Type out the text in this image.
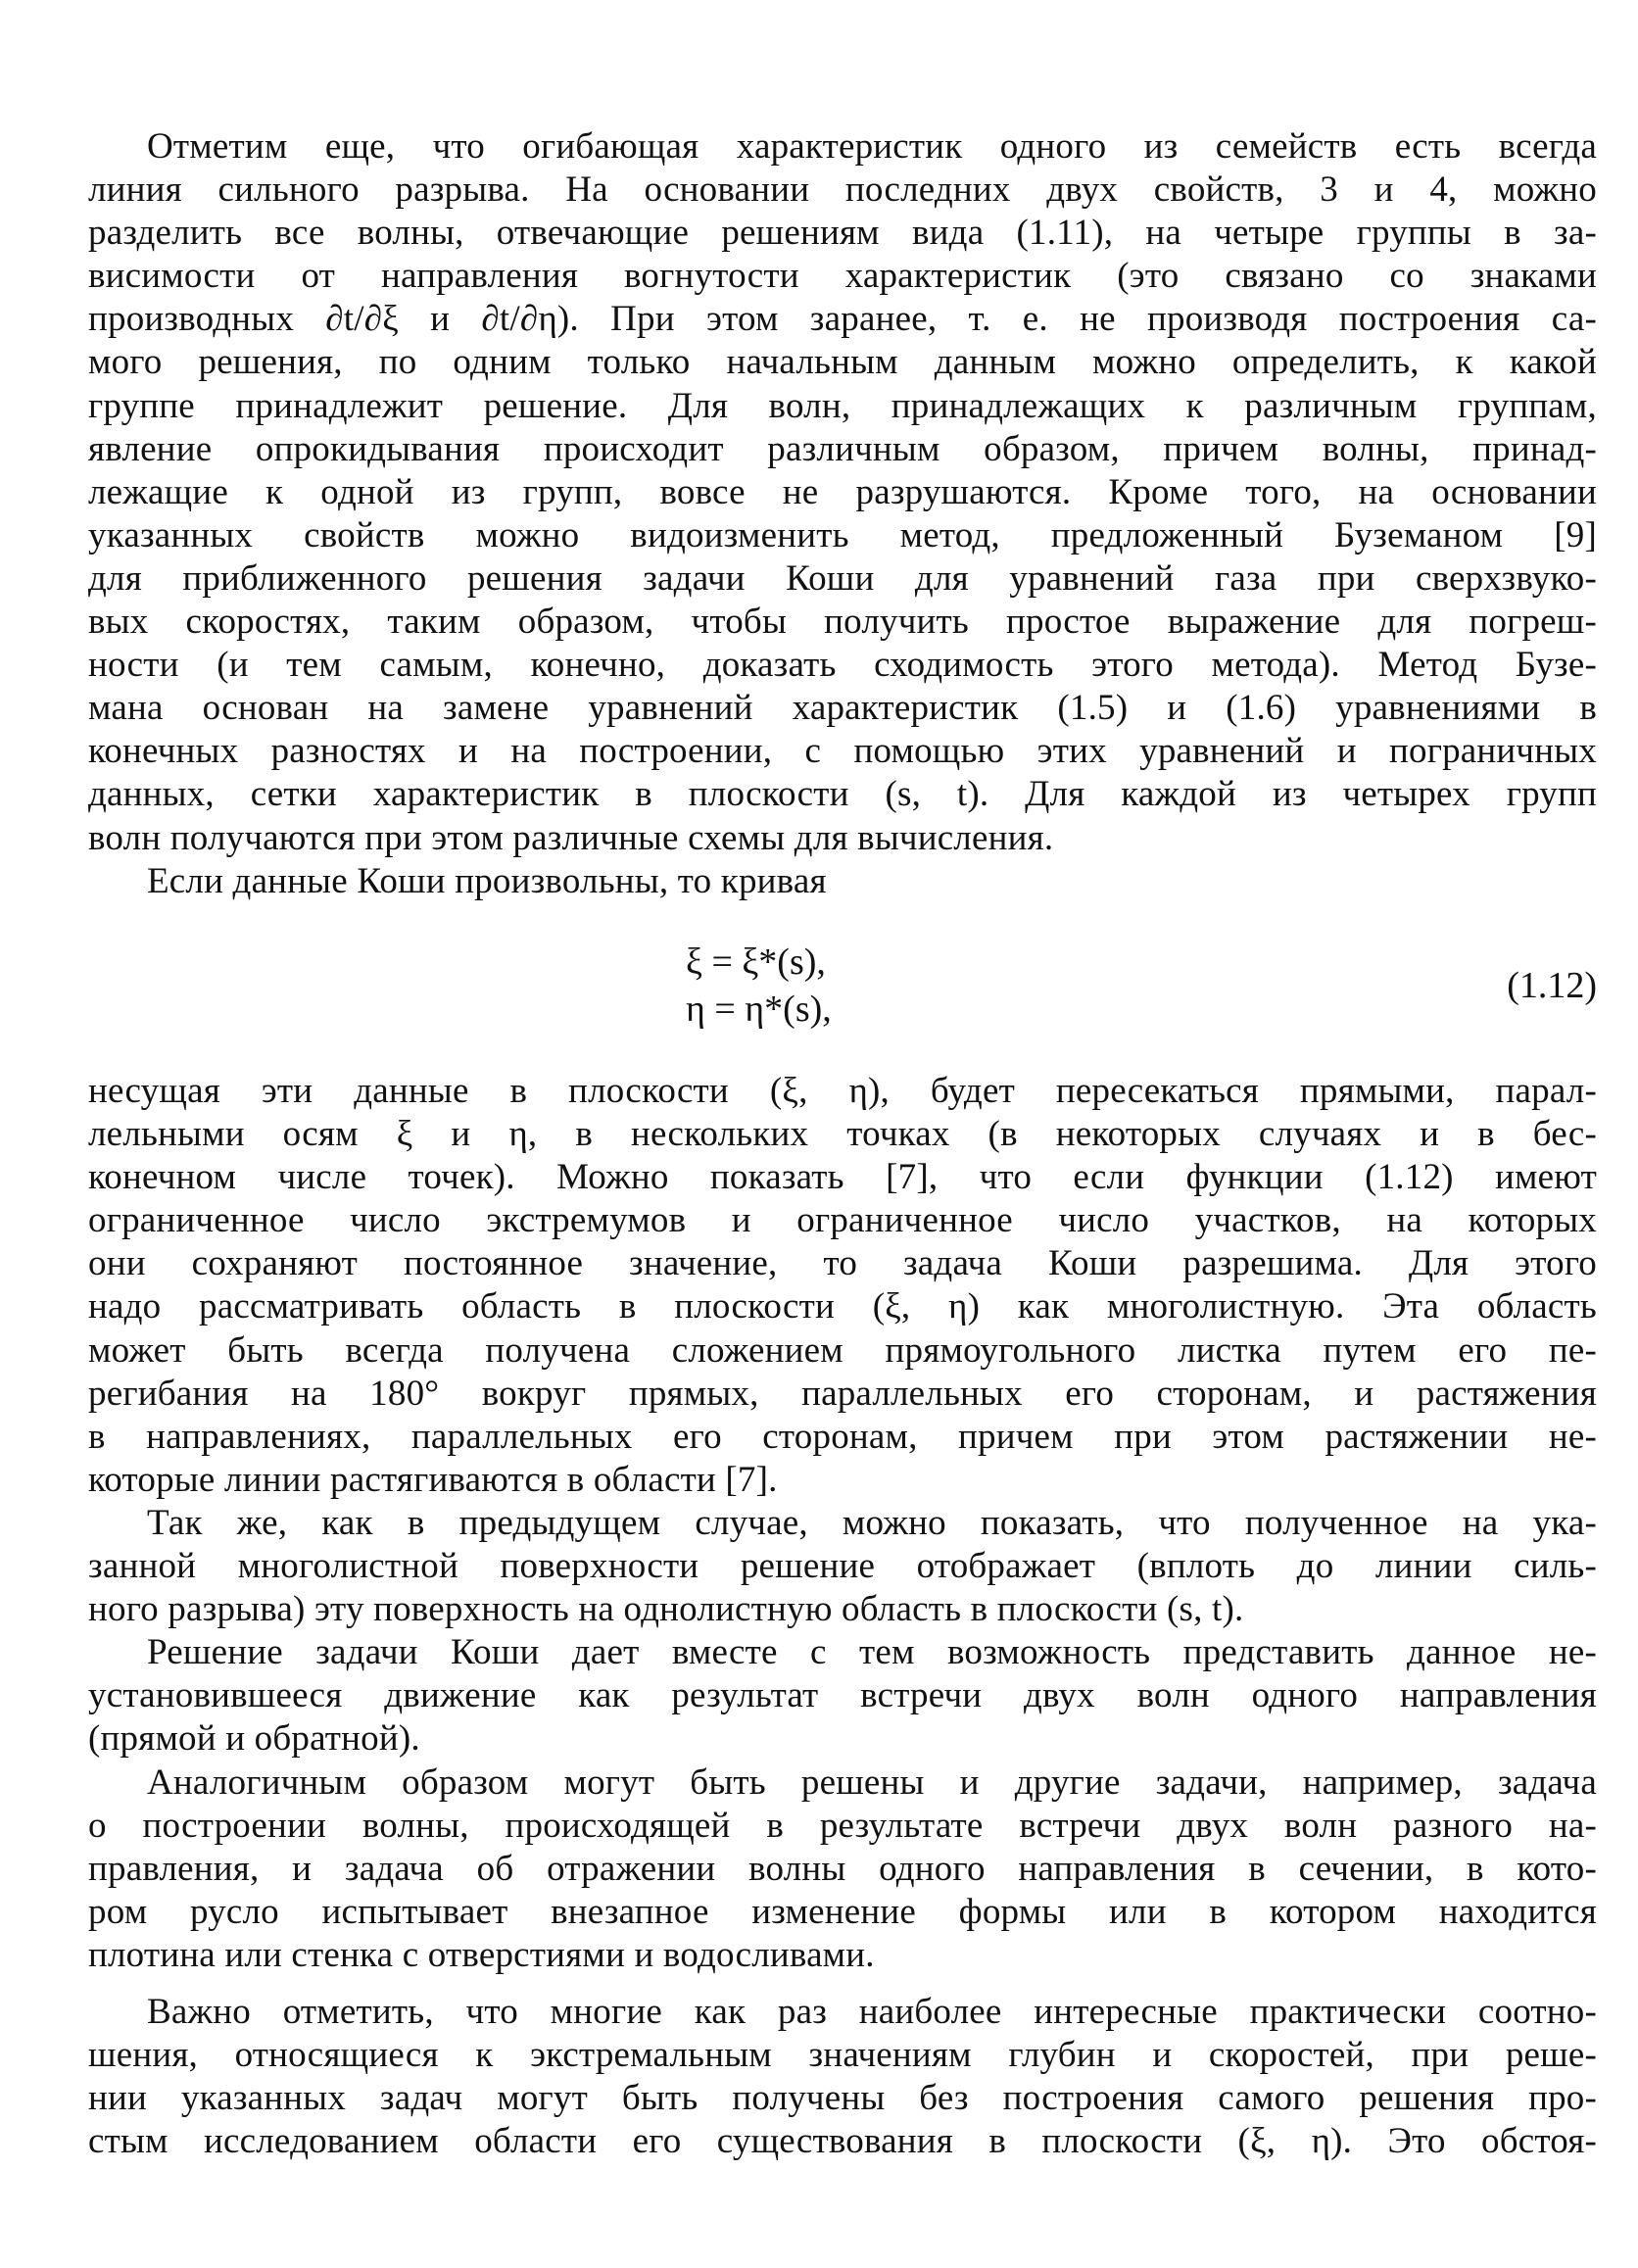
Отметим еще, что огибающая характеристик одного из семейств есть всегда
линия сильного разрыва. На основании последних двух свойств, 3 и 4, можно
разделить все волны, отвечающие решениям вида (1.11), на четыре группы в за-
висимости от направления вогнутости характеристик (это связано со знаками
производных ∂t/∂ξ и ∂t/∂η). При этом заранее, т. е. не производя построения са-
мого решения, по одним только начальным данным можно определить, к какой
группе принадлежит решение. Для волн, принадлежащих к различным группам,
явление опрокидывания происходит различным образом, причем волны, принад-
лежащие к одной из групп, вовсе не разрушаются. Кроме того, на основании
указанных свойств можно видоизменить метод, предложенный Буземаном [9]
для приближенного решения задачи Коши для уравнений газа при сверхзвуко-
вых скоростях, таким образом, чтобы получить простое выражение для погреш-
ности (и тем самым, конечно, доказать сходимость этого метода). Метод Бузе-
мана основан на замене уравнений характеристик (1.5) и (1.6) уравнениями в
конечных разностях и на построении, с помощью этих уравнений и пограничных
данных, сетки характеристик в плоскости (s, t). Для каждой из четырех групп
волн получаются при этом различные схемы для вычисления.
Если данные Коши произвольны, то кривая
ξ = ξ*(s),
η = η*(s),
(1.12)
несущая эти данные в плоскости (ξ, η), будет пересекаться прямыми, парал-
лельными осям ξ и η, в нескольких точках (в некоторых случаях и в бес-
конечном числе точек). Можно показать [7], что если функции (1.12) имеют
ограниченное число экстремумов и ограниченное число участков, на которых
они сохраняют постоянное значение, то задача Коши разрешима. Для этого
надо рассматривать область в плоскости (ξ, η) как многолистную. Эта область
может быть всегда получена сложением прямоугольного листка путем его пе-
регибания на 180° вокруг прямых, параллельных его сторонам, и растяжения
в направлениях, параллельных его сторонам, причем при этом растяжении не-
которые линии растягиваются в области [7].
Так же, как в предыдущем случае, можно показать, что полученное на ука-
занной многолистной поверхности решение отображает (вплоть до линии силь-
ного разрыва) эту поверхность на однолистную область в плоскости (s, t).
Решение задачи Коши дает вместе с тем возможность представить данное не-
установившееся движение как результат встречи двух волн одного направления
(прямой и обратной).
Аналогичным образом могут быть решены и другие задачи, например, задача
о построении волны, происходящей в результате встречи двух волн разного на-
правления, и задача об отражении волны одного направления в сечении, в кото-
ром русло испытывает внезапное изменение формы или в котором находится
плотина или стенка с отверстиями и водосливами.
Важно отметить, что многие как раз наиболее интересные практически соотно-
шения, относящиеся к экстремальным значениям глубин и скоростей, при реше-
нии указанных задач могут быть получены без построения самого решения про-
стым исследованием области его существования в плоскости (ξ, η). Это обстоя-
